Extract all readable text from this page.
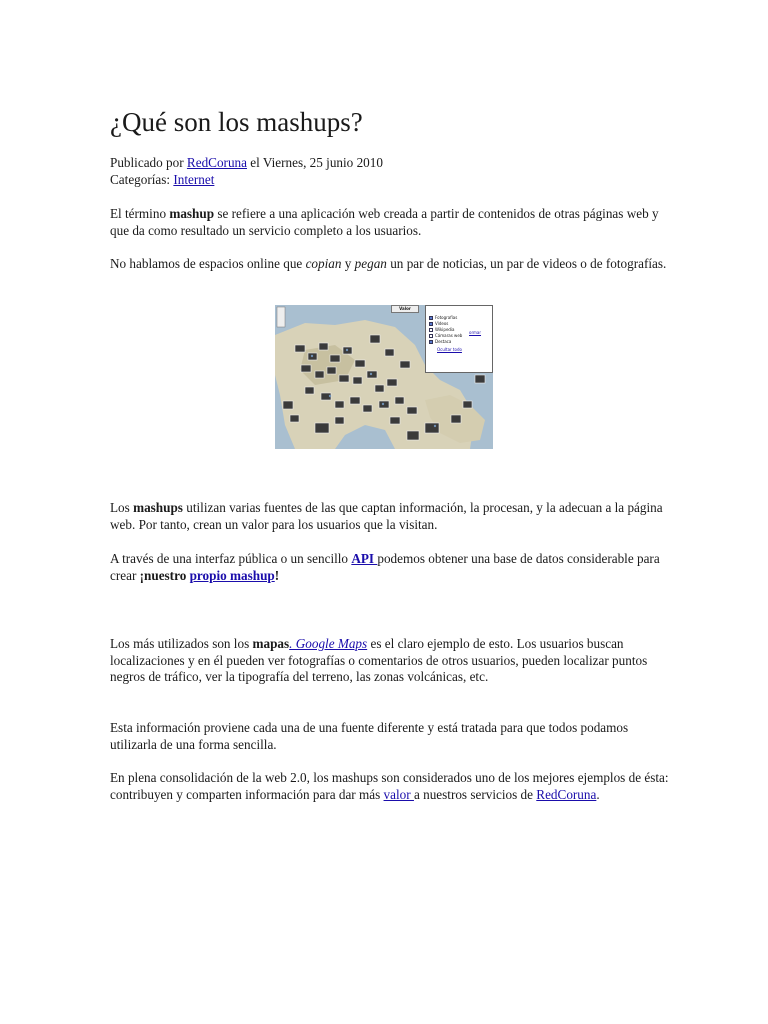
¿Qué son los mashups?
Publicado por RedCoruna el Viernes, 25 junio 2010
Categorías: Internet

El término mashup se refiere a una aplicación web creada a partir de contenidos de otras páginas web y que da como resultado un servicio completo a los usuarios.

No hablamos de espacios online que copian y pegan un par de noticias, un par de videos o de fotografías.

Valor
Fotografías
Vídeos
Wikipedia
Cámaras web
Destaca
Ocultar todo
ormar

Los mashups utilizan varias fuentes de las que captan información, la procesan, y la adecuan a la página web. Por tanto, crean un valor para los usuarios que la visitan.

A través de una interfaz pública o un sencillo API podemos obtener una base de datos considerable para crear ¡nuestro propio mashup!

Los más utilizados son los mapas. Google Maps es el claro ejemplo de esto. Los usuarios buscan localizaciones y en él pueden ver fotografías o comentarios de otros usuarios, pueden localizar puntos negros de tráfico, ver la tipografía del terreno, las zonas volcánicas, etc.

Esta información proviene cada una de una fuente diferente y está tratada para que todos podamos utilizarla de una forma sencilla.

En plena consolidación de la web 2.0, los mashups son considerados uno de los mejores ejemplos de ésta: contribuyen y comparten información para dar más valor a nuestros servicios de RedCoruna.
